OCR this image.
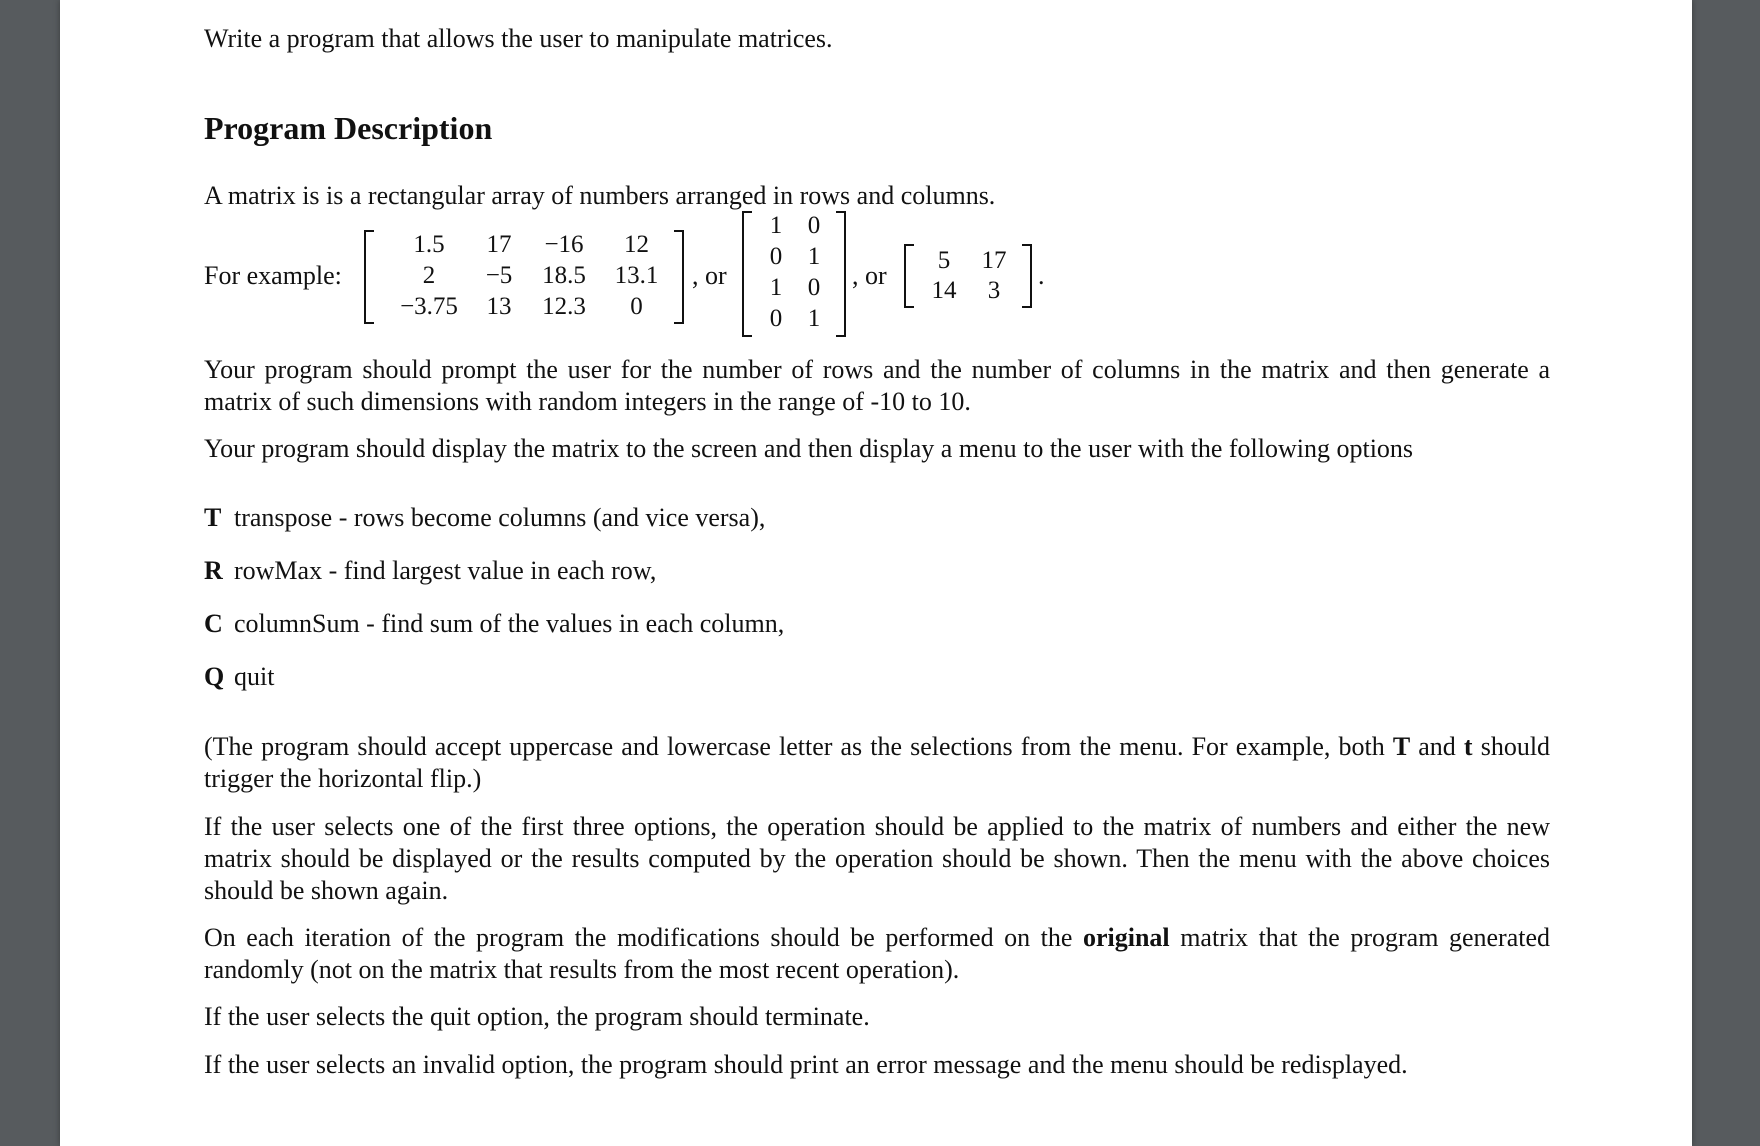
Write a program that allows the user to manipulate matrices.
Program Description
A matrix is is a rectangular array of numbers arranged in rows and columns.
For example:
1.5	17	−16	12
2	−5	18.5	13.1
−3.75	13	12.3	0
, or
1	0
0	1
1	0
0	1
, or
5	17
14	3
.
Your program should prompt the user for the number of rows and the number of columns in the matrix and then generate a
matrix of such dimensions with random integers in the range of -10 to 10.
Your program should display the matrix to the screen and then display a menu to the user with the following options
T transpose - rows become columns (and vice versa),
R rowMax - find largest value in each row,
C columnSum - find sum of the values in each column,
Q quit
(The program should accept uppercase and lowercase letter as the selections from the menu. For example, both T and t should
trigger the horizontal flip.)
If the user selects one of the first three options, the operation should be applied to the matrix of numbers and either the new
matrix should be displayed or the results computed by the operation should be shown. Then the menu with the above choices
should be shown again.
On each iteration of the program the modifications should be performed on the original matrix that the program generated
randomly (not on the matrix that results from the most recent operation).
If the user selects the quit option, the program should terminate.
If the user selects an invalid option, the program should print an error message and the menu should be redisplayed.
